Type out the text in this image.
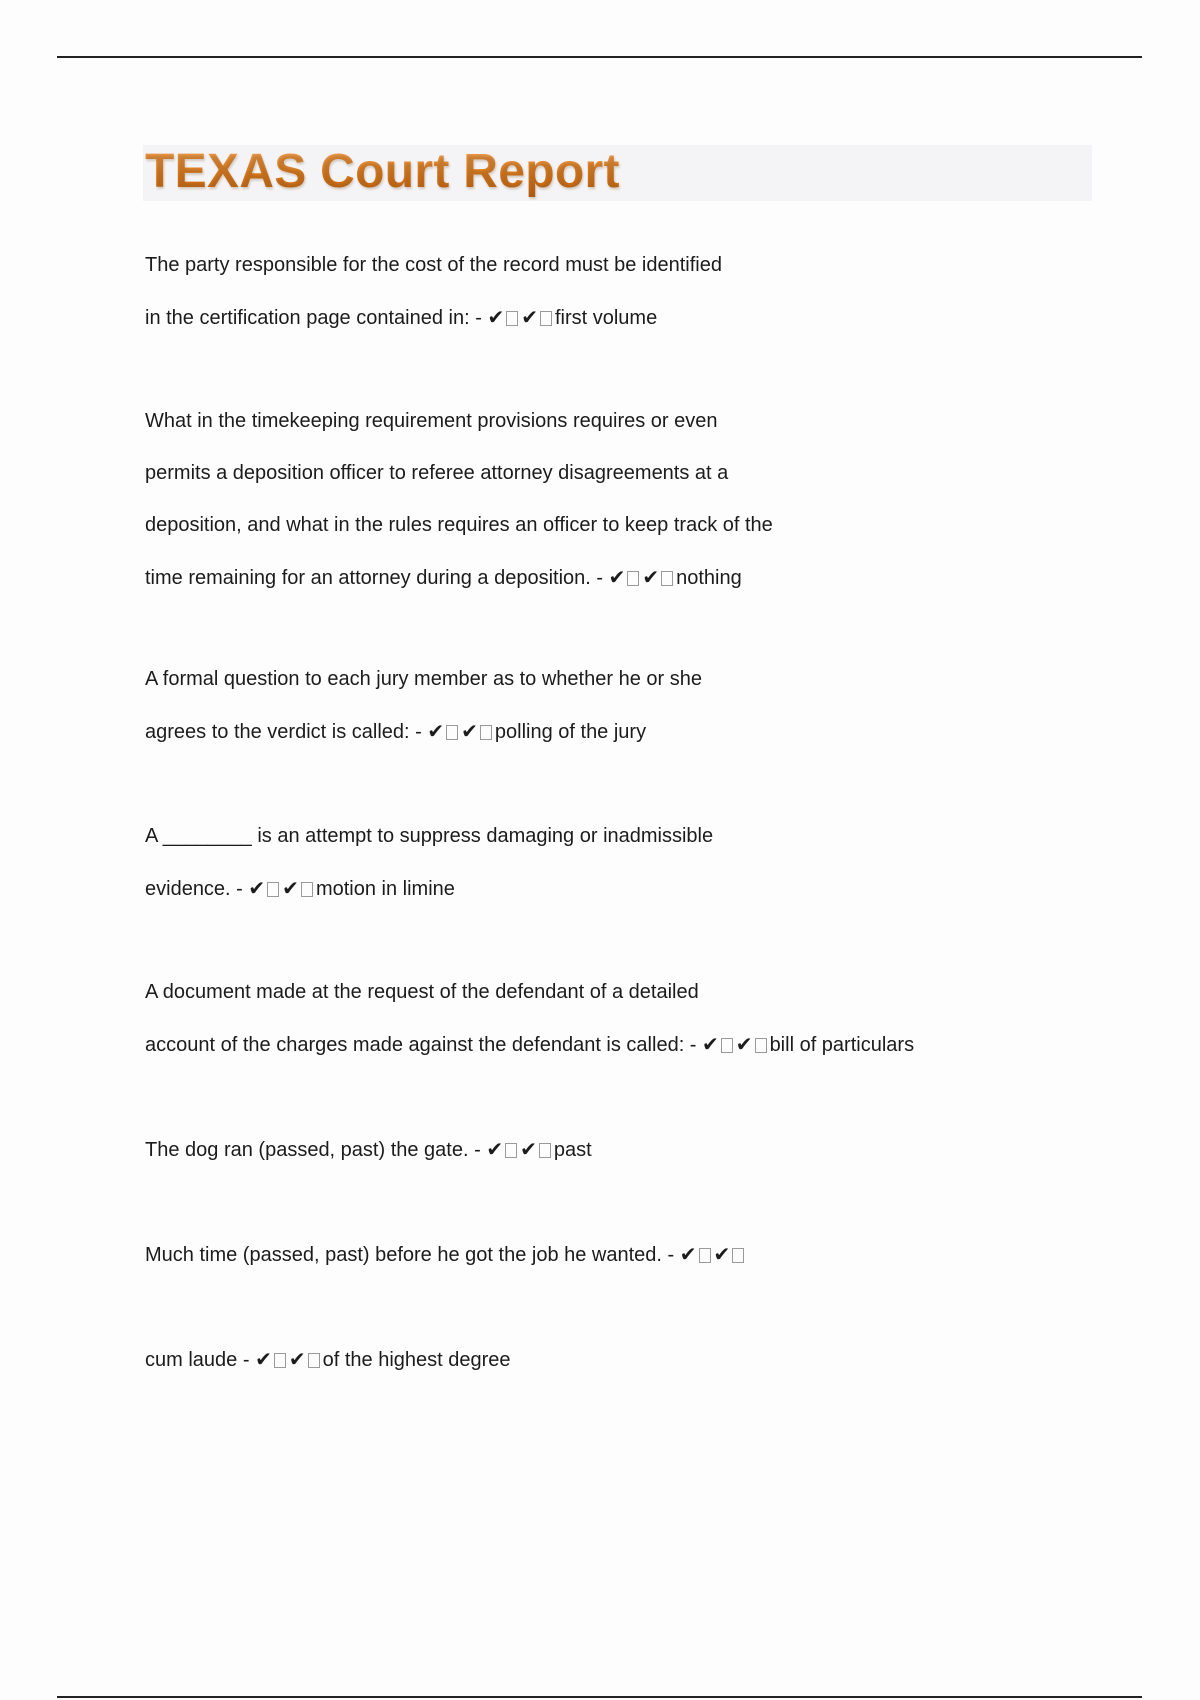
TEXAS Court Report
The party responsible for the cost of the record must be identified
in the certification page contained in: - ✔ ✔ first volume
What in the timekeeping requirement provisions requires or even
permits a deposition officer to referee attorney disagreements at a
deposition, and what in the rules requires an officer to keep track of the
time remaining for an attorney during a deposition. - ✔ ✔ nothing
A formal question to each jury member as to whether he or she
agrees to the verdict is called: - ✔ ✔ polling of the jury
A ________ is an attempt to suppress damaging or inadmissible
evidence. - ✔ ✔ motion in limine
A document made at the request of the defendant of a detailed
account of the charges made against the defendant is called: - ✔ ✔ bill of particulars
The dog ran (passed, past) the gate. - ✔ ✔ past
Much time (passed, past) before he got the job he wanted. - ✔ ✔
cum laude - ✔ ✔ of the highest degree
